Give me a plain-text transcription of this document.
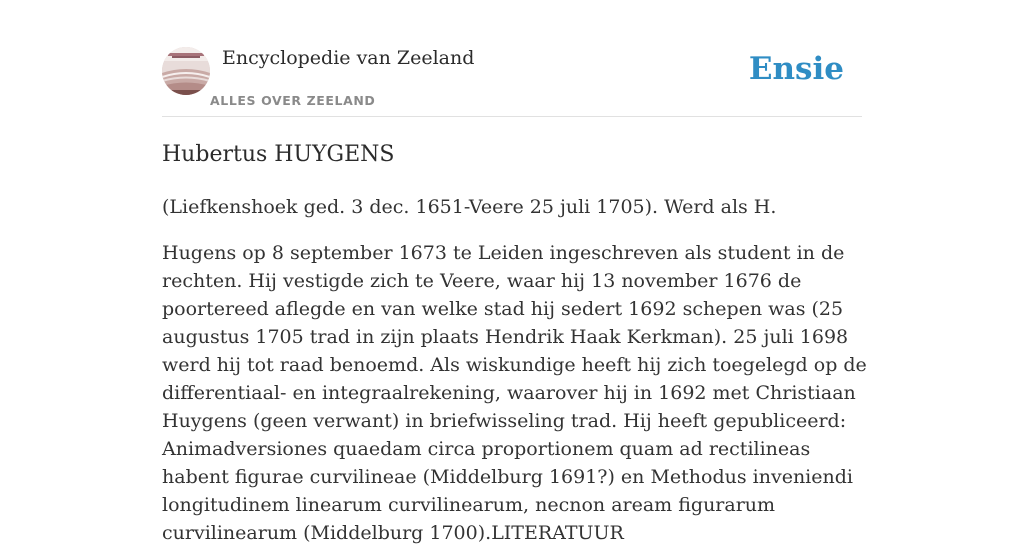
Encyclopedie van Zeeland
ALLES OVER ZEELAND
Ensie
Hubertus HUYGENS

(Liefkenshoek ged. 3 dec. 1651-Veere 25 juli 1705). Werd als H.

Hugens op 8 september 1673 te Leiden ingeschreven als student in de rechten. Hij vestigde zich te Veere, waar hij 13 november 1676 de poortereed aflegde en van welke stad hij sedert 1692 schepen was (25 augustus 1705 trad in zijn plaats Hendrik Haak Kerkman). 25 juli 1698 werd hij tot raad benoemd. Als wiskundige heeft hij zich toegelegd op de differentiaal- en integraalrekening, waarover hij in 1692 met Christiaan Huygens (geen verwant) in briefwisseling trad. Hij heeft gepubliceerd: Animadversiones quaedam circa proportionem quam ad rectilineas habent figurae curvilineae (Middelburg 1691?) en Methodus inveniendi longitudinem linearum curvilinearum, necnon aream figurarum curvilinearum (Middelburg 1700).LITERATUUR
